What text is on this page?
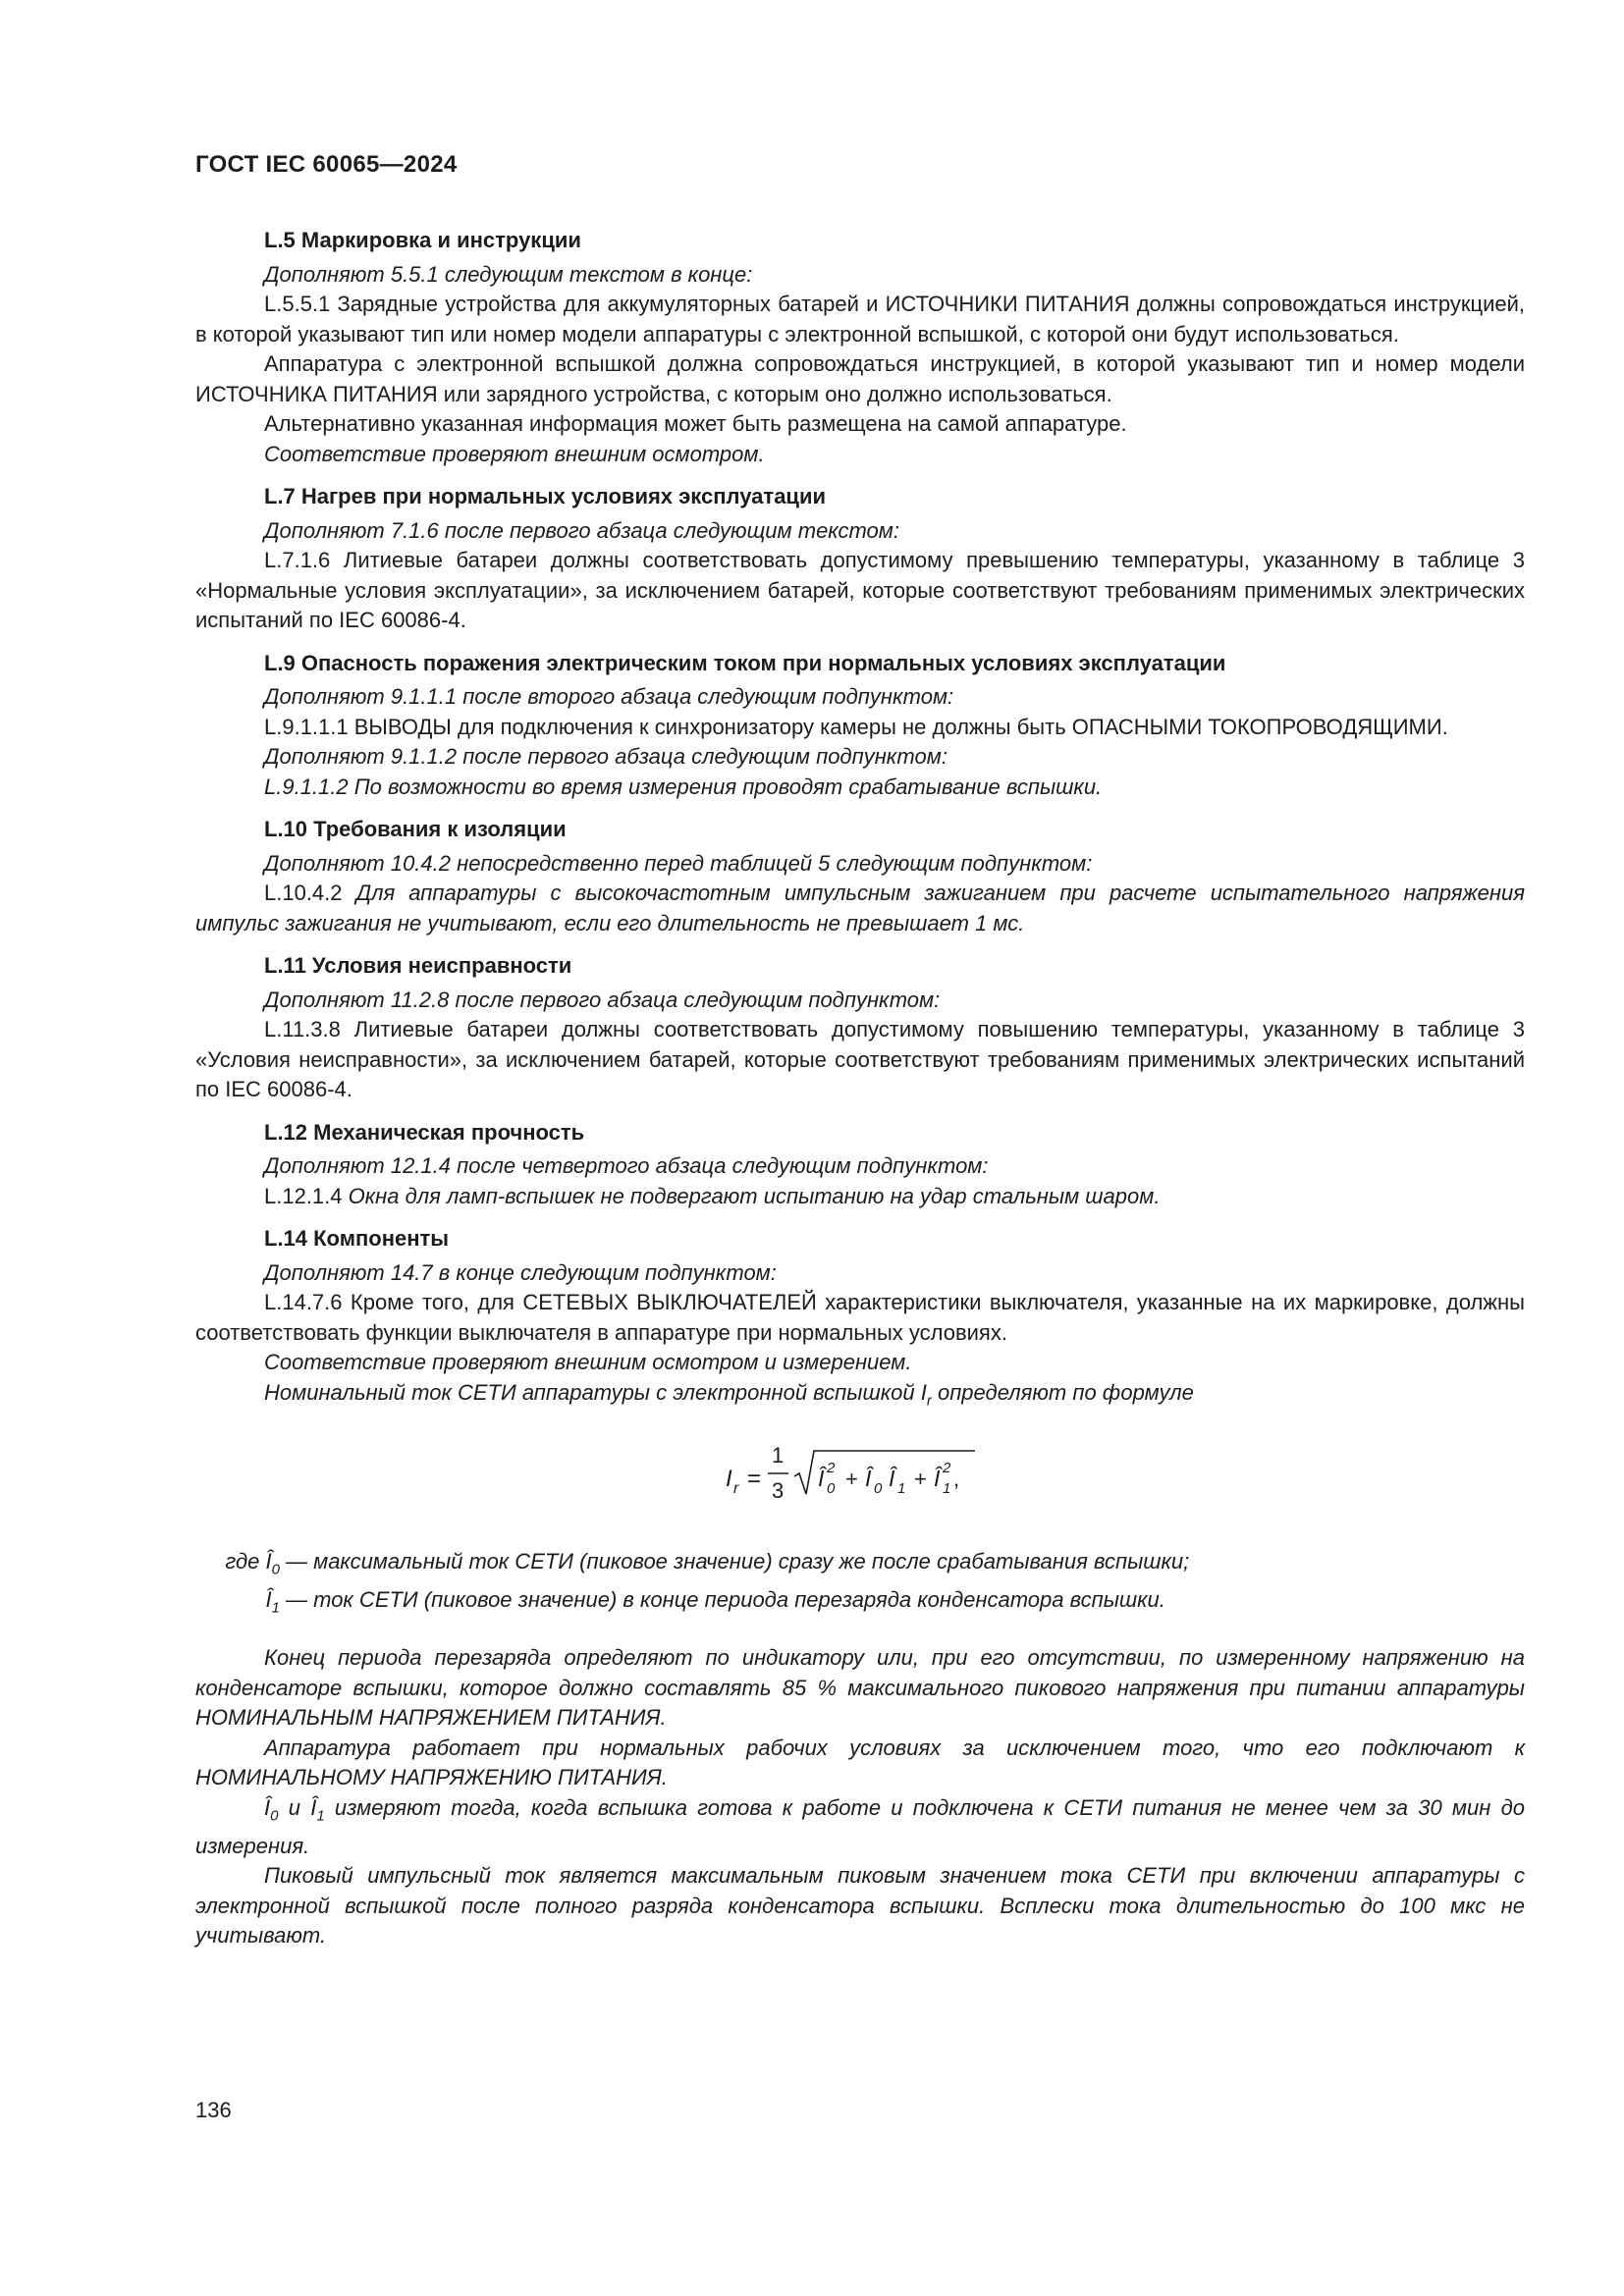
ГОСТ IEC 60065—2024
L.5 Маркировка и инструкции

Дополняют 5.5.1 следующим текстом в конце:

L.5.5.1 Зарядные устройства для аккумуляторных батарей и ИСТОЧНИКИ ПИТАНИЯ должны сопровождаться инструкцией, в которой указывают тип или номер модели аппаратуры с электронной вспышкой, с которой они будут использоваться.

Аппаратура с электронной вспышкой должна сопровождаться инструкцией, в которой указывают тип и номер модели ИСТОЧНИКА ПИТАНИЯ или зарядного устройства, с которым оно должно использоваться.

Альтернативно указанная информация может быть размещена на самой аппаратуре.

Соответствие проверяют внешним осмотром.

L.7 Нагрев при нормальных условиях эксплуатации

Дополняют 7.1.6 после первого абзаца следующим текстом:

L.7.1.6 Литиевые батареи должны соответствовать допустимому превышению температуры, указанному в таблице 3 «Нормальные условия эксплуатации», за исключением батарей, которые соответствуют требованиям применимых электрических испытаний по IEC 60086-4.

L.9 Опасность поражения электрическим током при нормальных условиях эксплуатации

Дополняют 9.1.1.1 после второго абзаца следующим подпунктом:

L.9.1.1.1 ВЫВОДЫ для подключения к синхронизатору камеры не должны быть ОПАСНЫМИ ТОКОПРОВОДЯЩИМИ.

Дополняют 9.1.1.2 после первого абзаца следующим подпунктом:

L.9.1.1.2 По возможности во время измерения проводят срабатывание вспышки.

L.10 Требования к изоляции

Дополняют 10.4.2 непосредственно перед таблицей 5 следующим подпунктом:

L.10.4.2 Для аппаратуры с высокочастотным импульсным зажиганием при расчете испытательного напряжения импульс зажигания не учитывают, если его длительность не превышает 1 мс.

L.11 Условия неисправности

Дополняют 11.2.8 после первого абзаца следующим подпунктом:

L.11.3.8 Литиевые батареи должны соответствовать допустимому повышению температуры, указанному в таблице 3 «Условия неисправности», за исключением батарей, которые соответствуют требованиям применимых электрических испытаний по IEC 60086-4.

L.12 Механическая прочность

Дополняют 12.1.4 после четвертого абзаца следующим подпунктом:

L.12.1.4 Окна для ламп-вспышек не подвергают испытанию на удар стальным шаром.

L.14 Компоненты

Дополняют 14.7 в конце следующим подпунктом:

L.14.7.6 Кроме того, для СЕТЕВЫХ ВЫКЛЮЧАТЕЛЕЙ характеристики выключателя, указанные на их маркировке, должны соответствовать функции выключателя в аппаратуре при нормальных условиях.

Соответствие проверяют внешним осмотром и измерением.

Номинальный ток СЕТИ аппаратуры с электронной вспышкой $I_r$ определяют по формуле

I r =
1
3 Î 2
0 + Î 0 Î 1 + Î 2
1 ,

где $Î_0$ — максимальный ток СЕТИ (пиковое значение) сразу же после срабатывания вспышки;

$Î_1$ — ток СЕТИ (пиковое значение) в конце периода перезаряда конденсатора вспышки.

Конец периода перезаряда определяют по индикатору или, при его отсутствии, по измеренному напряжению на конденсаторе вспышки, которое должно составлять 85 % максимального пикового напряжения при питании аппаратуры НОМИНАЛЬНЫМ НАПРЯЖЕНИЕМ ПИТАНИЯ.

Аппаратура работает при нормальных рабочих условиях за исключением того, что его подключают к НОМИНАЛЬНОМУ НАПРЯЖЕНИЮ ПИТАНИЯ.

$Î_0$ и $Î_1$ измеряют тогда, когда вспышка готова к работе и подключена к СЕТИ питания не менее чем за 30 мин до измерения.

Пиковый импульсный ток является максимальным пиковым значением тока СЕТИ при включении аппаратуры с электронной вспышкой после полного разряда конденсатора вспышки. Всплески тока длительностью до 100 мкс не учитывают.

136
